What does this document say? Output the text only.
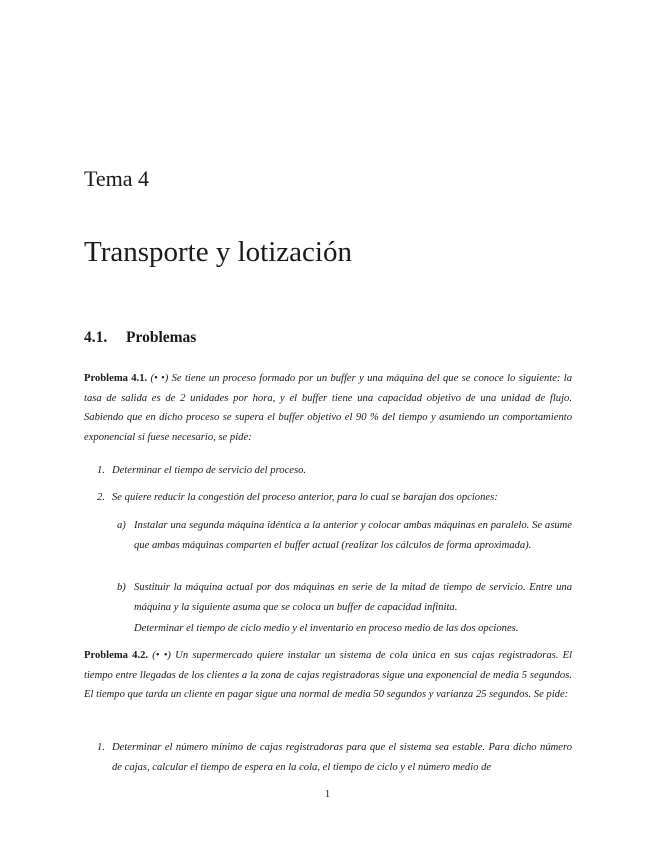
Tema 4
Transporte y lotización
4.1. Problemas
Problema 4.1. (• •) Se tiene un proceso formado por un buffer y una máquina del que se conoce lo siguiente: la tasa de salida es de 2 unidades por hora, y el buffer tiene una capacidad objetivo de una unidad de flujo. Sabiendo que en dicho proceso se supera el buffer objetivo el 90 % del tiempo y asumiendo un comportamiento exponencial si fuese necesario, se pide:
1. Determinar el tiempo de servicio del proceso.
2. Se quiere reducir la congestión del proceso anterior, para lo cual se barajan dos opciones:
a) Instalar una segunda máquina idéntica a la anterior y colocar ambas máquinas en paralelo. Se asume que ambas máquinas comparten el buffer actual (realizar los cálculos de forma aproximada).
b) Sustituir la máquina actual por dos máquinas en serie de la mitad de tiempo de servicio. Entre una máquina y la siguiente asuma que se coloca un buffer de capacidad infinita.
Determinar el tiempo de ciclo medio y el inventario en proceso medio de las dos opciones.
Problema 4.2. (• •) Un supermercado quiere instalar un sistema de cola única en sus cajas registradoras. El tiempo entre llegadas de los clientes a la zona de cajas registradoras sigue una exponencial de media 5 segundos. El tiempo que tarda un cliente en pagar sigue una normal de media 50 segundos y varianza 25 segundos. Se pide:
1. Determinar el número mínimo de cajas registradoras para que el sistema sea estable. Para dicho número de cajas, calcular el tiempo de espera en la cola, el tiempo de ciclo y el número medio de
1
